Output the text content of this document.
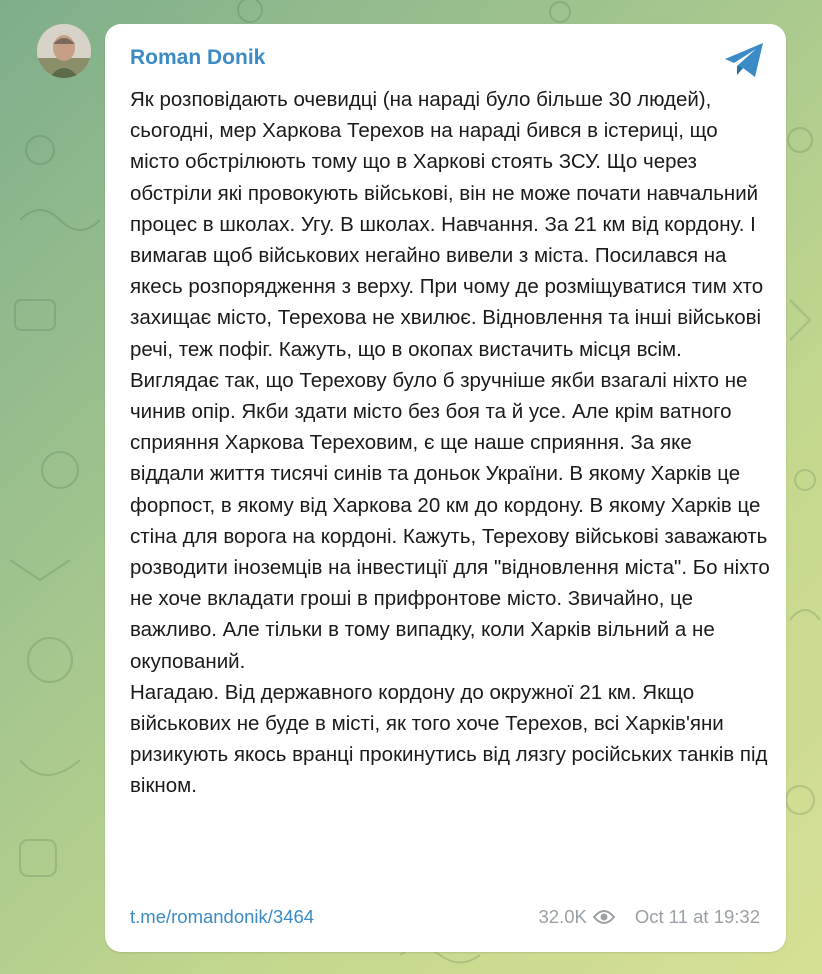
Roman Donik

Як розповідають очевидці (на нараді було більше 30 людей), сьогодні, мер Харкова Терехов на нараді бився в істериці, що місто обстрілюють тому що в Харкові стоять ЗСУ. Що через обстріли які провокують військові, він не може почати навчальний процес в школах. Угу. В школах. Навчання. За 21 км від кордону. І вимагав щоб військових негайно вивели з міста. Посилався на якесь розпорядження з верху. При чому де розміщуватися тим хто захищає місто, Терехова не хвилює. Відновлення та інші військові речі, теж пофіг. Кажуть, що в окопах вистачить місця всім.

Виглядає так, що Терехову було б зручніше якби взагалі ніхто не чинив опір. Якби здати місто без боя та й усе. Але крім ватного сприяння Харкова Тереховим, є ще наше сприяння. За яке віддали життя тисячі синів та доньок України. В якому Харків це форпост, в якому від Харкова 20 км до кордону. В якому Харків це стіна для ворога на кордоні. Кажуть, Терехову військові заважають розводити іноземців на інвестиції для "відновлення міста". Бо ніхто не хоче вкладати гроші в прифронтове місто. Звичайно, це важливо. Але тільки в тому випадку, коли Харків вільний а не окупований.

Нагадаю. Від державного кордону до окружної 21 км. Якщо військових не буде в місті, як того хоче Терехов, всі Харків'яни ризикують якось вранці прокинутись від лязгу російських танків під вікном.

t.me/romandonik/3464	32.0K	Oct 11 at 19:32
